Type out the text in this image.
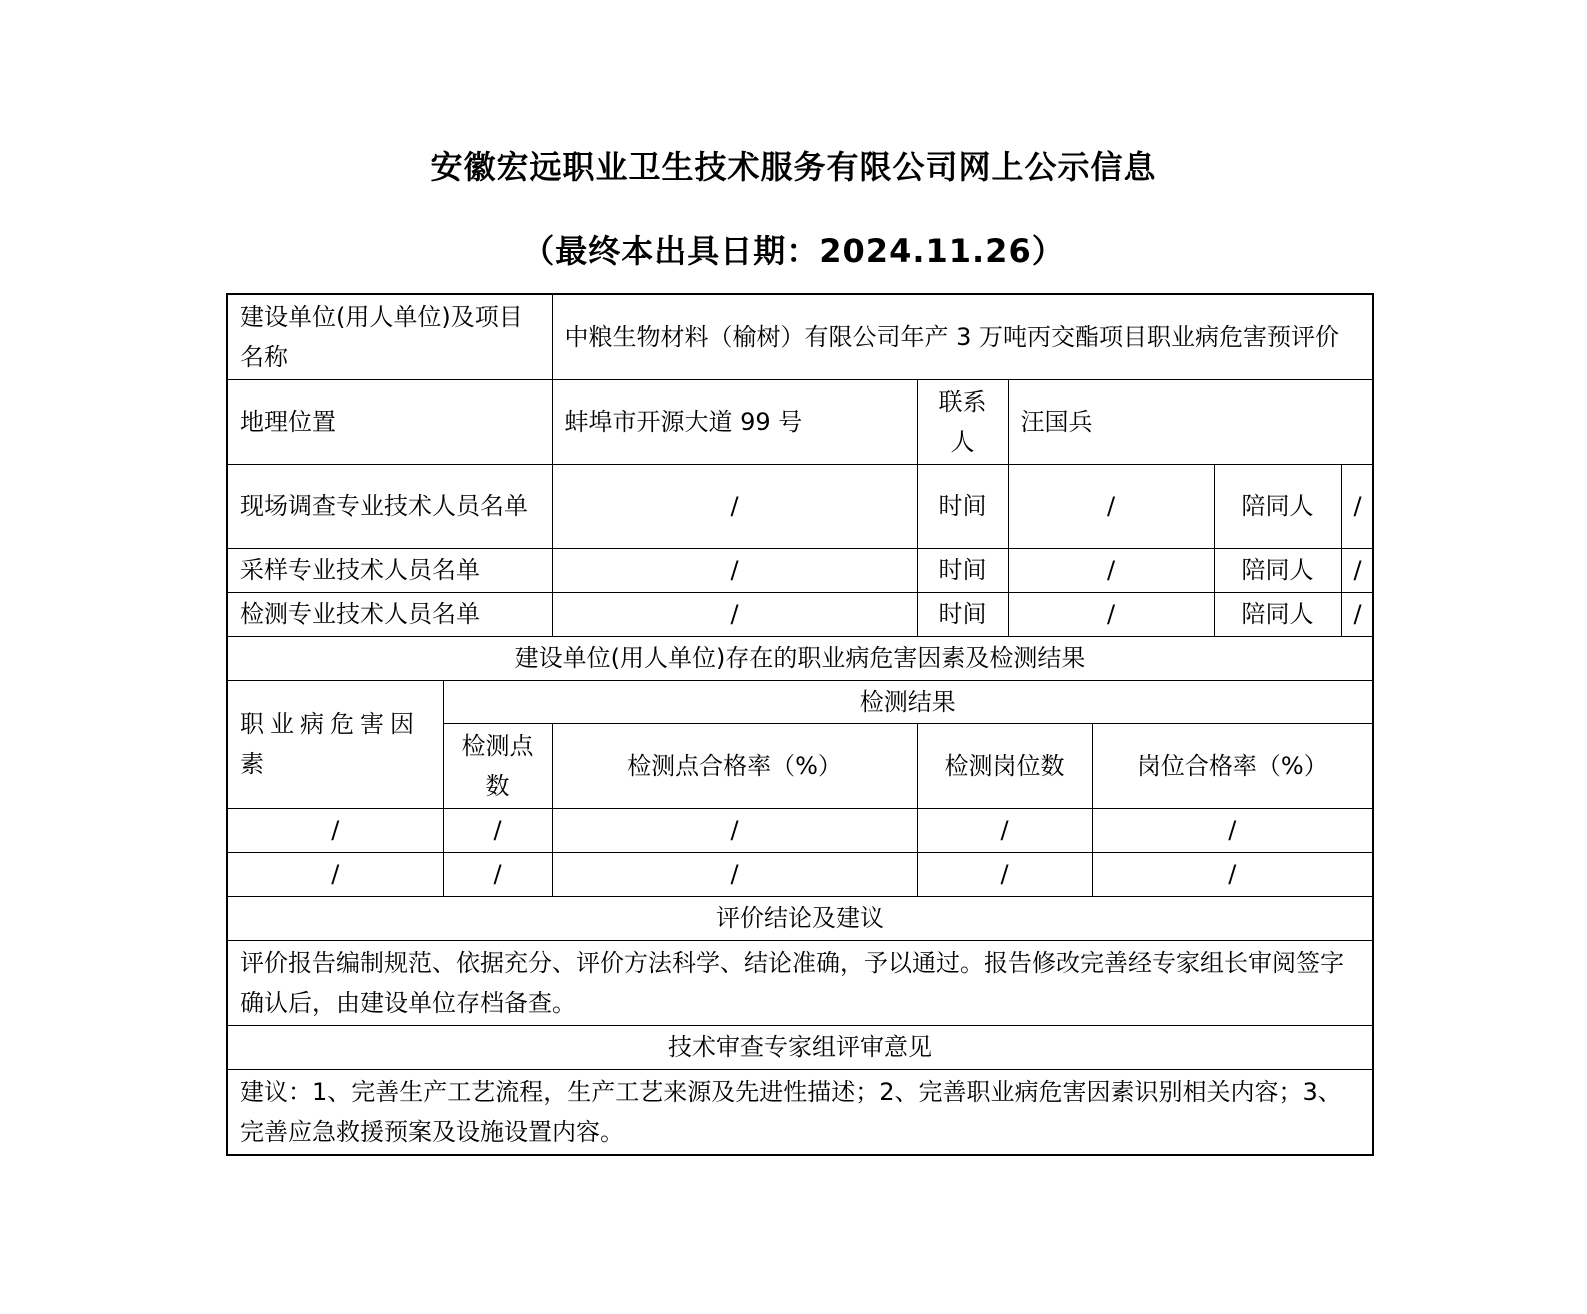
安徽宏远职业卫生技术服务有限公司网上公示信息
（最终本出具日期：2024.11.26）
建设单位(用人单位)及项目名称		中粮生物材料（榆树）有限公司年产 3 万吨丙交酯项目职业病危害预评价					
地理位置		蚌埠市开源大道 99 号	联系人	汪国兵			
现场调查专业技术人员名单		/	时间	/		陪同人	/
采样专业技术人员名单		/	时间	/		陪同人	/
检测专业技术人员名单		/	时间	/		陪同人	/
建设单位(用人单位)存在的职业病危害因素及检测结果							
职业病危害因素	检测结果						
	检测点数	检测点合格率（%）	检测岗位数		岗位合格率（%）		
/	/	/	/		/		
/	/	/	/		/		
评价结论及建议							
评价报告编制规范、依据充分、评价方法科学、结论准确，予以通过。报告修改完善经专家组长审阅签字确认后，由建设单位存档备查。							
技术审查专家组评审意见							
建议：1、完善生产工艺流程，生产工艺来源及先进性描述；2、完善职业病危害因素识别相关内容；3、完善应急救援预案及设施设置内容。							
